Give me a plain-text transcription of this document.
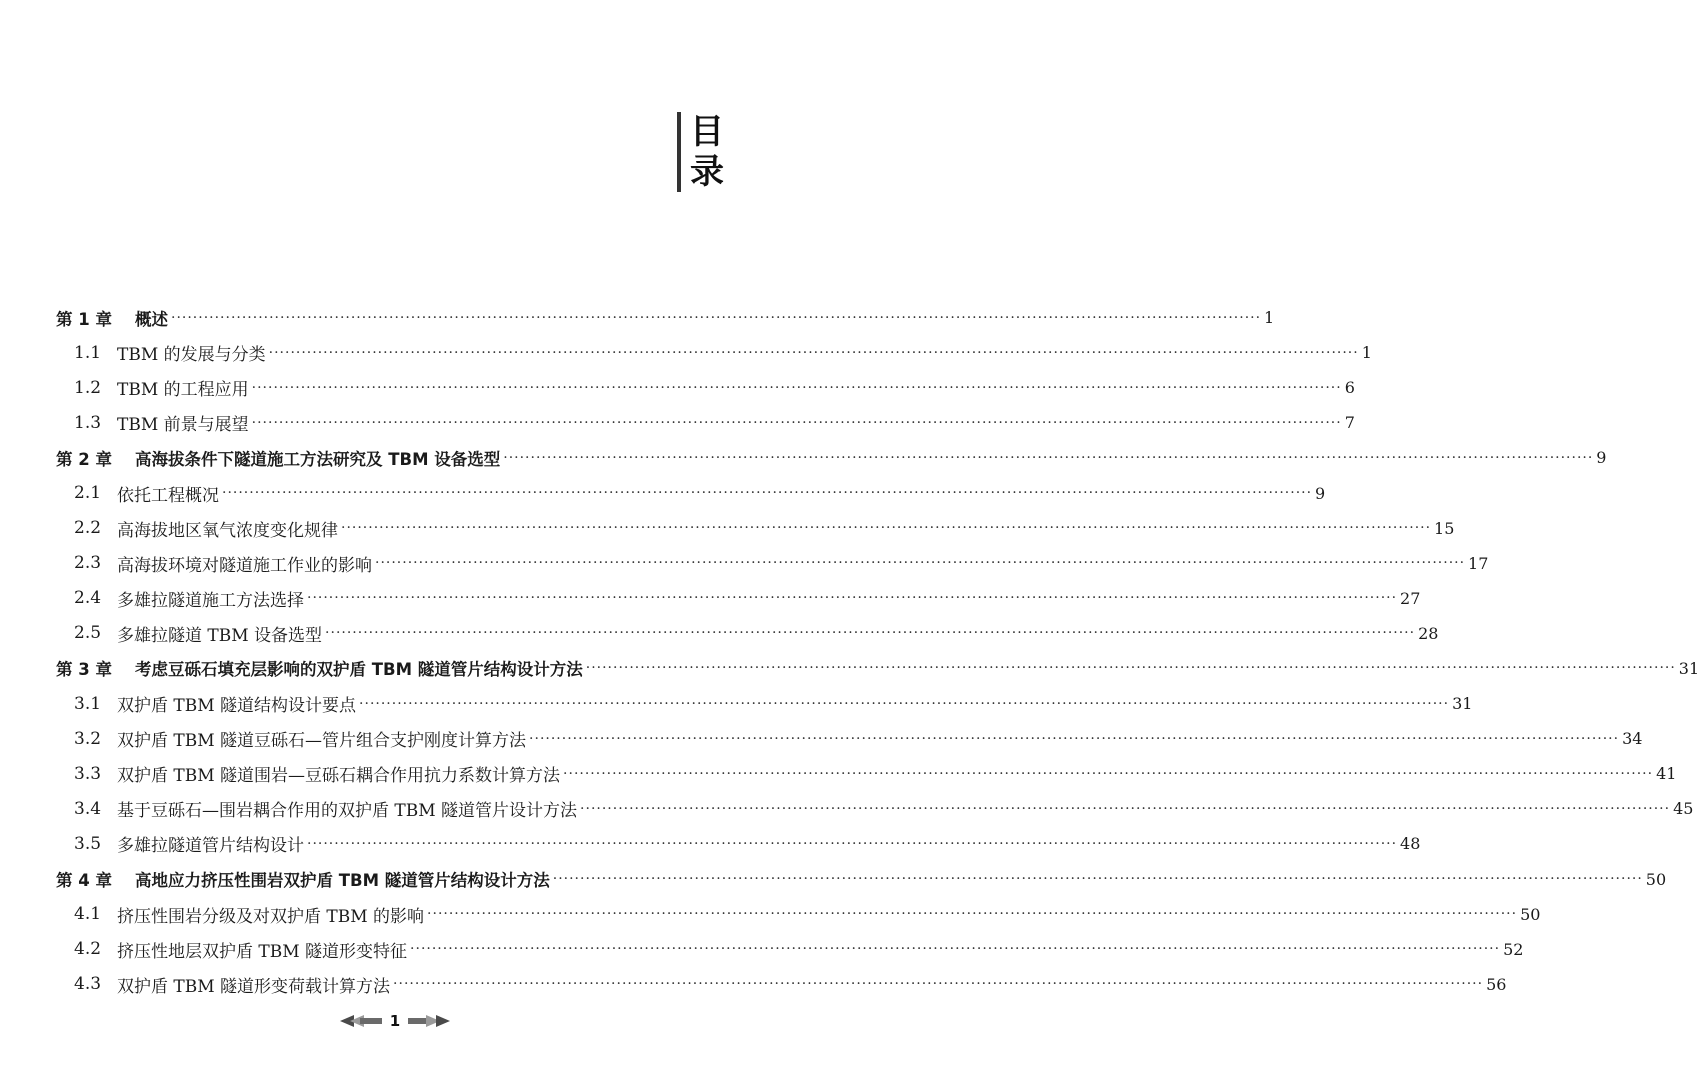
目录
第 1 章	概述 ········································································································································································································ 1
1.1 TBM 的发展与分类 ········································································································································································································ 1
1.2 TBM 的工程应用 ········································································································································································································ 6
1.3 TBM 前景与展望 ········································································································································································································ 7
第 2 章	高海拔条件下隧道施工方法研究及 TBM 设备选型 ········································································································································································································ 9
2.1 依托工程概况 ········································································································································································································ 9
2.2 高海拔地区氧气浓度变化规律 ········································································································································································································ 15
2.3 高海拔环境对隧道施工作业的影响 ········································································································································································································ 17
2.4 多雄拉隧道施工方法选择 ········································································································································································································ 27
2.5 多雄拉隧道 TBM 设备选型 ········································································································································································································ 28
第 3 章	考虑豆砾石填充层影响的双护盾 TBM 隧道管片结构设计方法 ········································································································································································································ 31
3.1 双护盾 TBM 隧道结构设计要点 ········································································································································································································ 31
3.2 双护盾 TBM 隧道豆砾石—管片组合支护刚度计算方法 ········································································································································································································ 34
3.3 双护盾 TBM 隧道围岩—豆砾石耦合作用抗力系数计算方法 ········································································································································································································ 41
3.4 基于豆砾石—围岩耦合作用的双护盾 TBM 隧道管片设计方法 ········································································································································································································ 45
3.5 多雄拉隧道管片结构设计 ········································································································································································································ 48
第 4 章	高地应力挤压性围岩双护盾 TBM 隧道管片结构设计方法 ········································································································································································································ 50
4.1 挤压性围岩分级及对双护盾 TBM 的影响 ········································································································································································································ 50
4.2 挤压性地层双护盾 TBM 隧道形变特征 ········································································································································································································ 52
4.3 双护盾 TBM 隧道形变荷载计算方法 ········································································································································································································ 56
1
